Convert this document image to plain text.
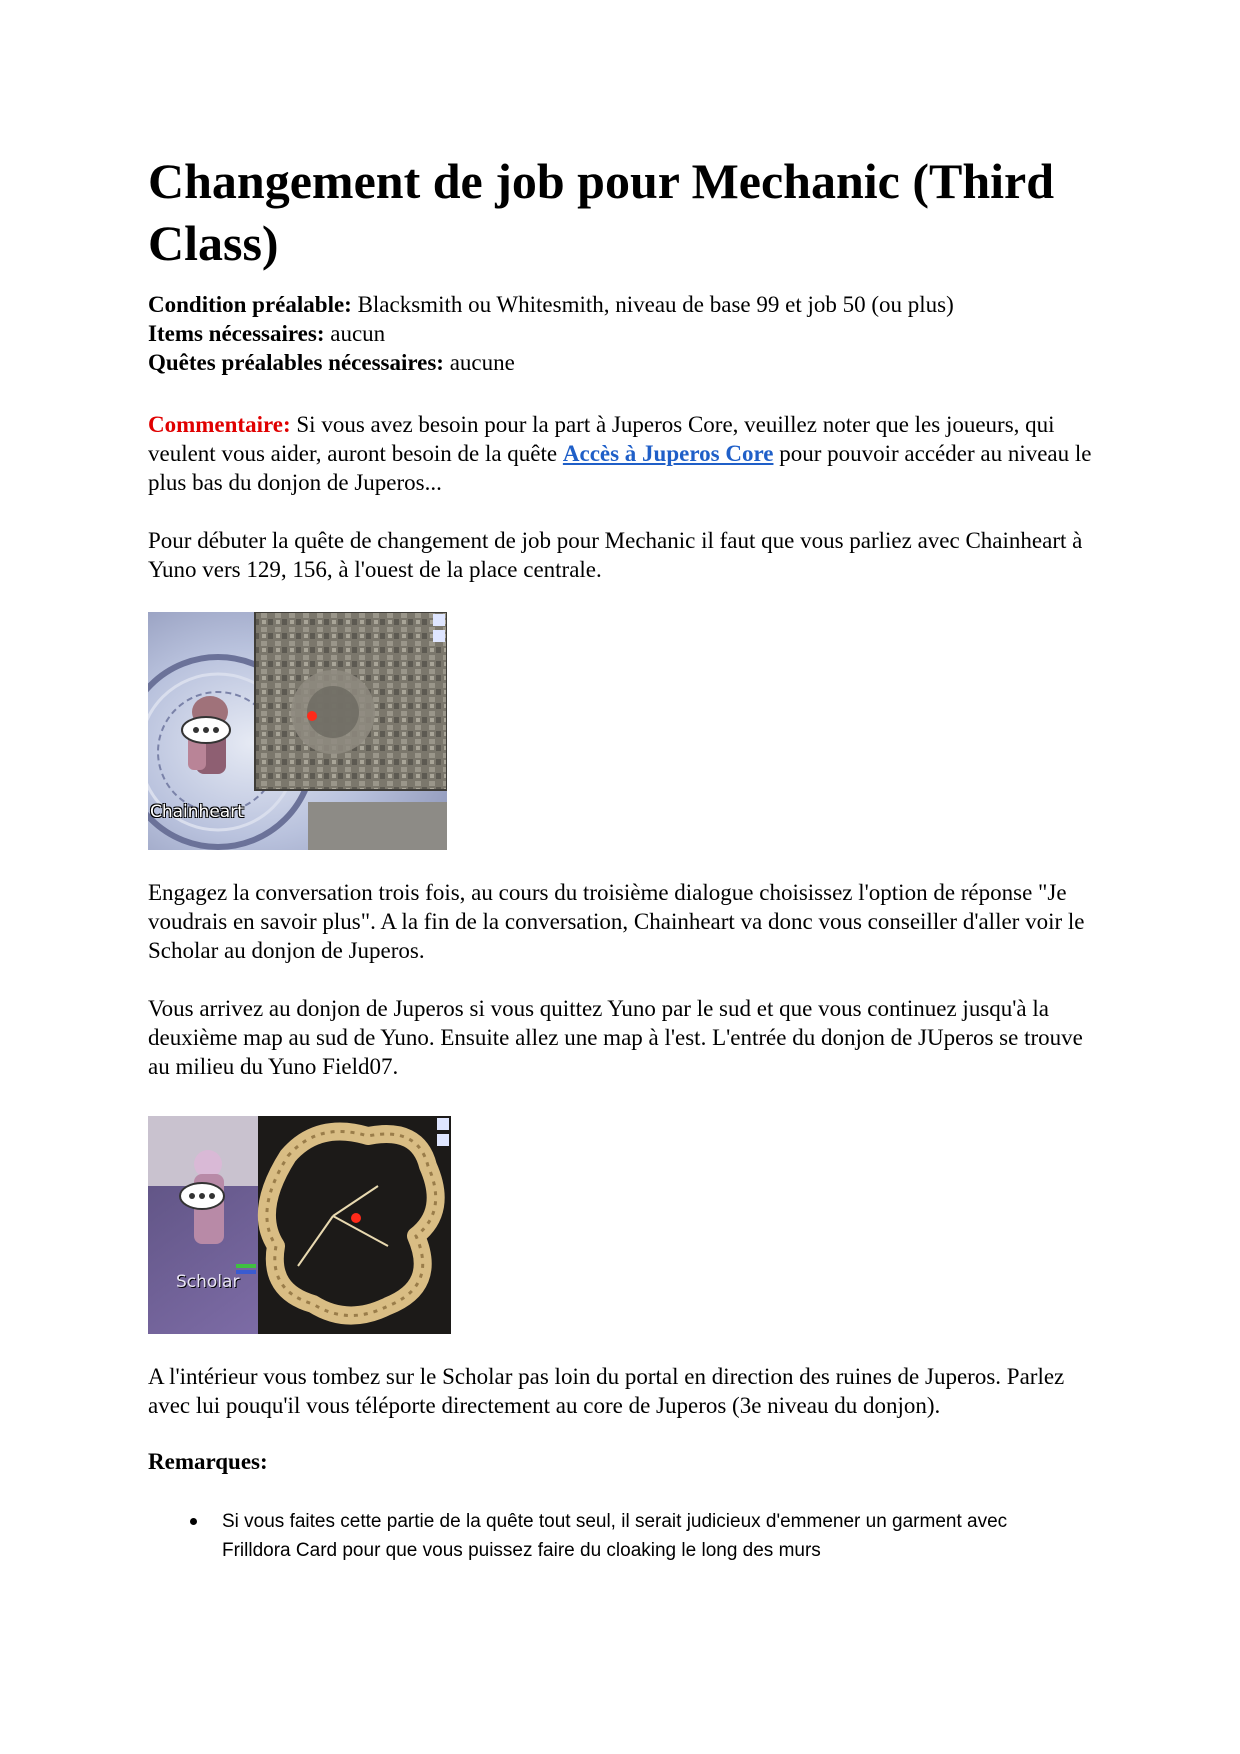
Changement de job pour Mechanic (Third Class)

Condition préalable: Blacksmith ou Whitesmith, niveau de base 99 et job 50 (ou plus)

Items nécessaires: aucun

Quêtes préalables nécessaires: aucune

Commentaire: Si vous avez besoin pour la part à Juperos Core, veuillez noter que les joueurs, qui veulent vous aider, auront besoin de la quête Accès à Juperos Core pour pouvoir accéder au niveau le plus bas du donjon de Juperos...

Pour débuter la quête de changement de job pour Mechanic il faut que vous parliez avec Chainheart à Yuno vers 129, 156, à l'ouest de la place centrale.

Chainheart

Engagez la conversation trois fois, au cours du troisième dialogue choisissez l'option de réponse "Je voudrais en savoir plus". A la fin de la conversation, Chainheart va donc vous conseiller d'aller voir le Scholar au donjon de Juperos.

Vous arrivez au donjon de Juperos si vous quittez Yuno par le sud et que vous continuez jusqu'à la deuxième map au sud de Yuno. Ensuite allez une map à l'est. L'entrée du donjon de JUperos se trouve au milieu du Yuno Field07.

Scholar

A l'intérieur vous tombez sur le Scholar pas loin du portal en direction des ruines de Juperos. Parlez avec lui pouqu'il vous téléporte directement au core de Juperos (3e niveau du donjon).

Remarques:
Si vous faites cette partie de la quête tout seul, il serait judicieux d'emmener un garment avec Frilldora Card pour que vous puissez faire du cloaking le long des murs
